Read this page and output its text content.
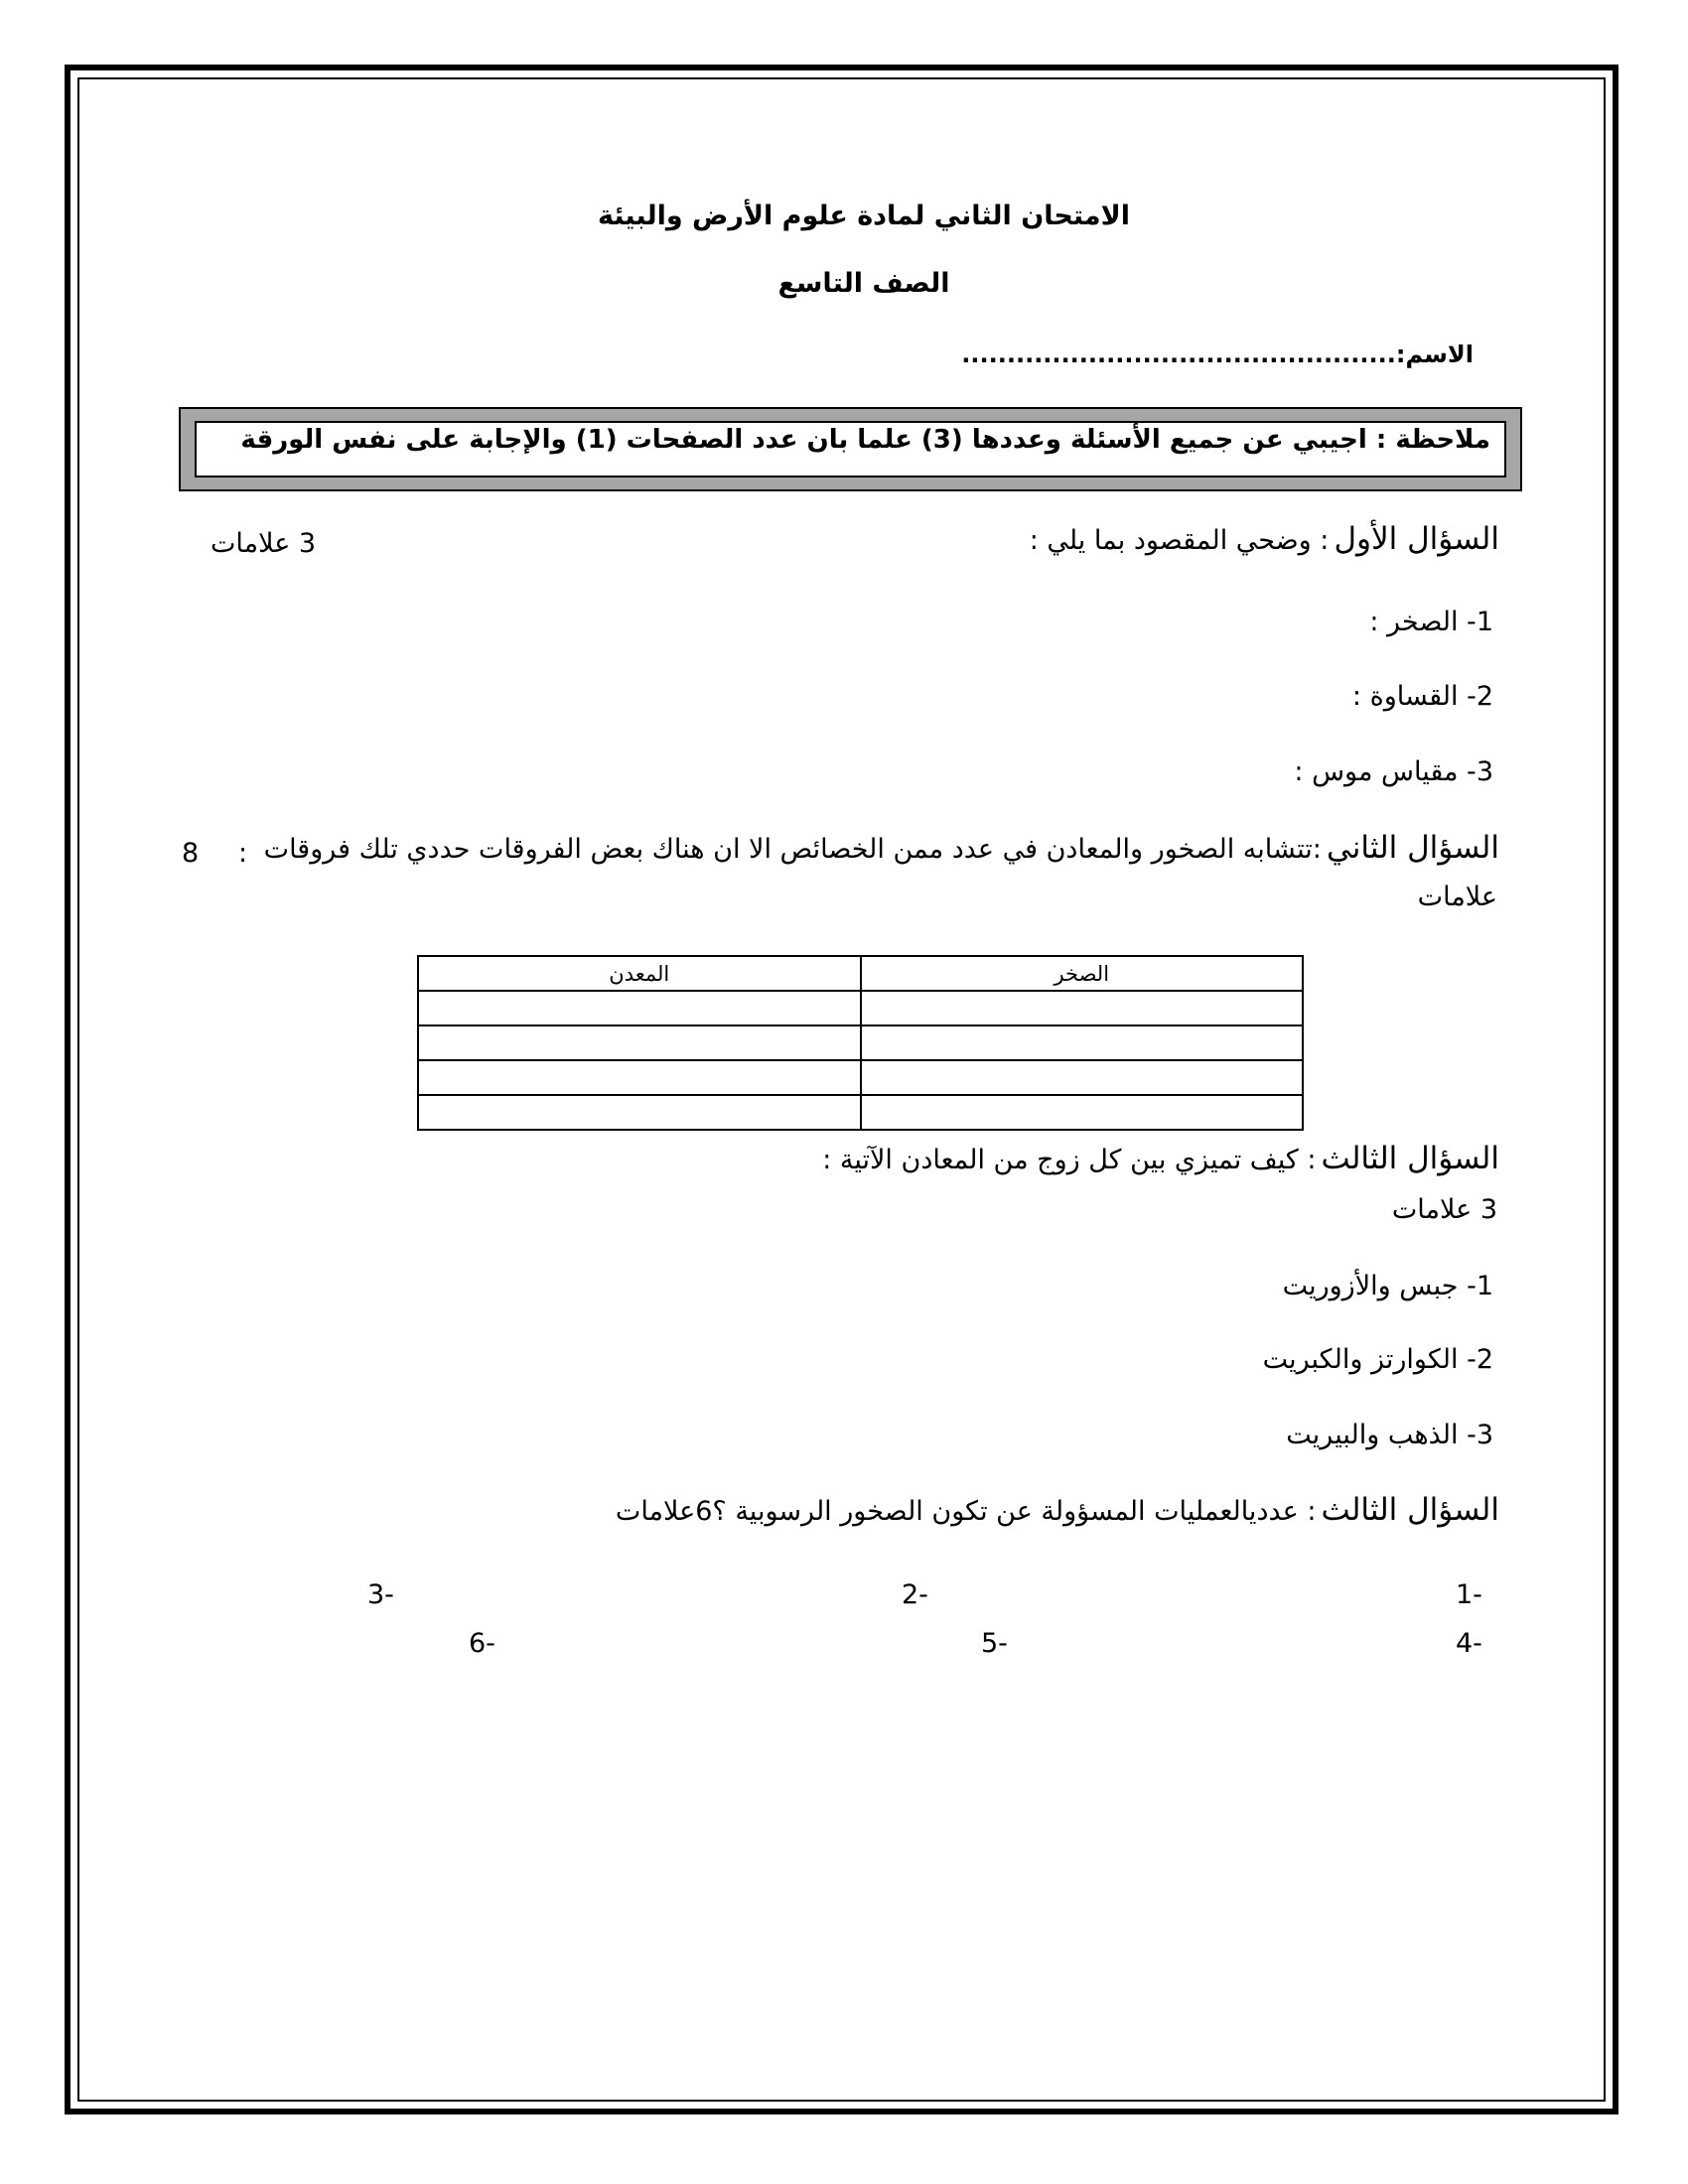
الامتحان الثاني لمادة علوم الأرض والبيئة
الصف التاسع
الاسم:................................................
ملاحظة : اجيبي عن جميع الأسئلة وعددها (3) علما بان عدد الصفحات (1) والإجابة على نفس الورقة
السؤال الأول : وضحي المقصود بما يلي :
3 علامات
1- الصخر :
2- القساوة :
3- مقياس موس :
السؤال الثاني :تتشابه الصخور والمعادن في عدد ممن الخصائص الا ان هناك بعض الفروقات حددي تلك فروقات
:
8
علامات
المعدن	الصخر

السؤال الثالث : كيف تميزي بين كل زوج من المعادن الآتية :
3 علامات
1- جبس والأزوريت
2- الكوارتز والكبريت
3- الذهب والبيريت
السؤال الثالث : عدديالعمليات المسؤولة عن تكون الصخور الرسوبية ؟6علامات
1-
2-
3-
4-
5-
6-
